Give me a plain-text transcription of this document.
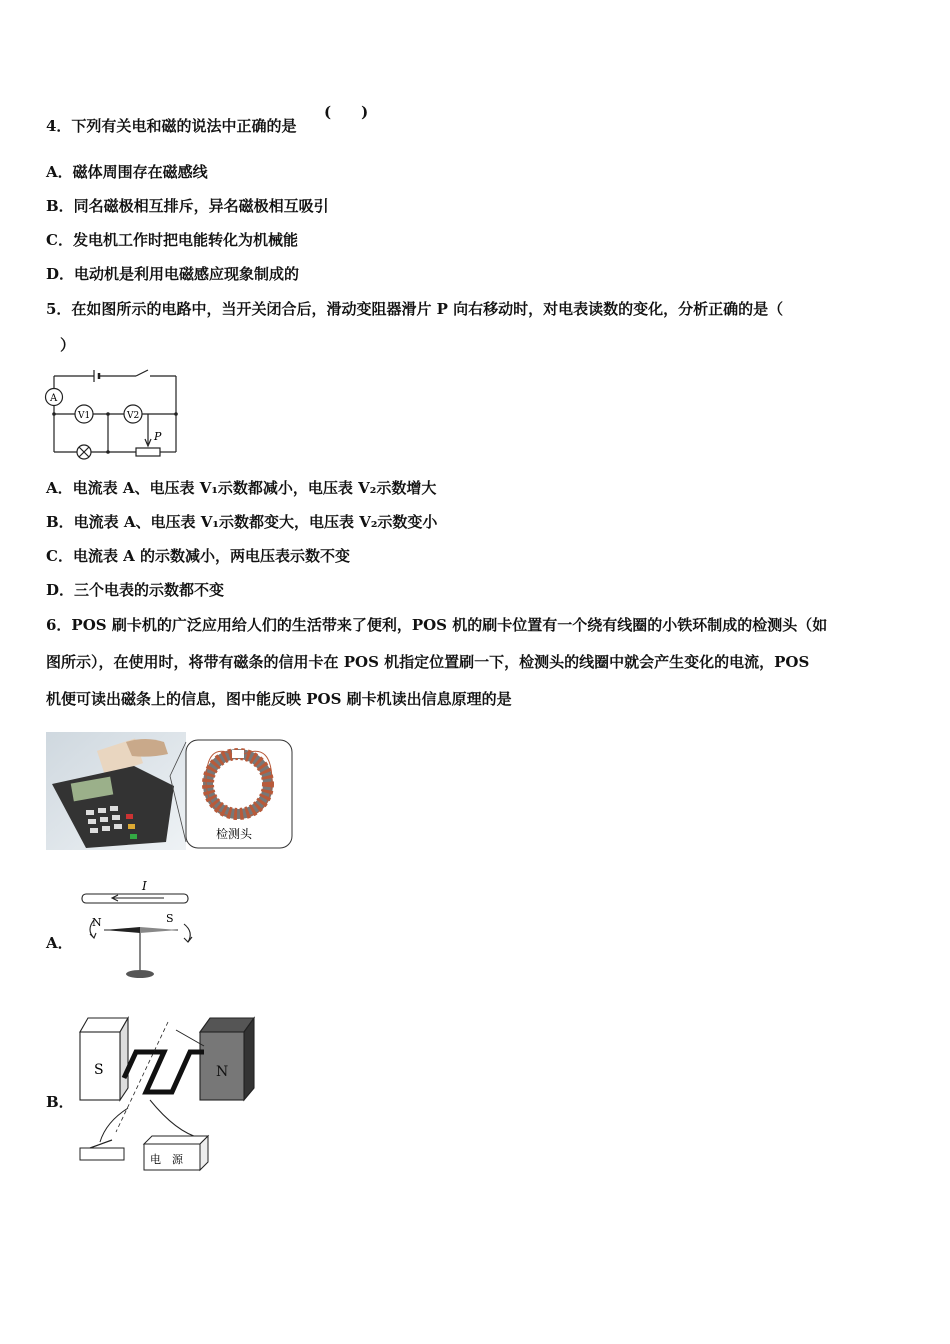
4．下列有关电和磁的说法中正确的是
(　　)
A．磁体周围存在磁感线
B．同名磁极相互排斥，异名磁极相互吸引
C．发电机工作时把电能转化为机械能
D．电动机是利用电磁感应现象制成的
5．在如图所示的电路中，当开关闭合后，滑动变阻器滑片 P 向右移动时，对电表读数的变化，分析正确的是（
）
A
V1	V2
P
A．电流表 A、电压表 V₁示数都减小，电压表 V₂示数增大
B．电流表 A、电压表 V₁示数都变大，电压表 V₂示数变小
C．电流表 A 的示数减小，两电压表示数不变
D．三个电表的示数都不变
6．POS 刷卡机的广泛应用给人们的生活带来了便利，POS 机的刷卡位置有一个绕有线圈的小铁环制成的检测头（如
图所示），在使用时，将带有磁条的信用卡在 POS 机指定位置刷一下，检测头的线圈中就会产生变化的电流，POS
机便可读出磁条上的信息，图中能反映 POS 刷卡机读出信息原理的是
检测头
A．
I
N	S
B．
S	N
电　源
